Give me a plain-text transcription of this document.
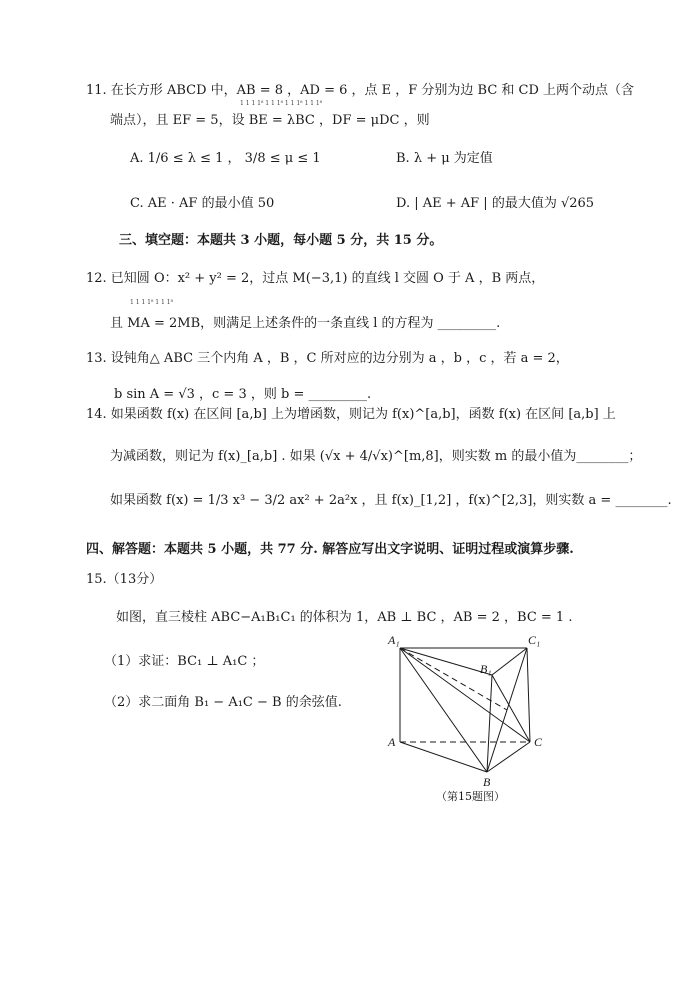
11. 在长方形 ABCD 中，AB = 8 ，AD = 6 ，点 E ，F 分别为边 BC 和 CD 上两个动点（含
1 1 1 1⁸ 1 1 1⁸ 1 1 1⁸ 1 1 1⁸
端点），且 EF = 5，设 BE = λBC ，DF = μDC ，则
A. 1/6 ≤ λ ≤ 1 ， 3/8 ≤ μ ≤ 1	B. λ + μ 为定值
C. AE · AF 的最小值 50	D. | AE + AF | 的最大值为 √265
三、填空题：本题共 3 小题，每小题 5 分，共 15 分。
12. 已知圆 O：x² + y² = 2，过点 M(−3,1) 的直线 l 交圆 O 于 A ，B 两点，
1 1 1 1⁸ 1 1 1⁸
且 MA = 2MB，则满足上述条件的一条直线 l 的方程为 _________.
13. 设钝角△ ABC 三个内角 A ，B ，C 所对应的边分别为 a ，b ，c ，若 a = 2，
b sin A = √3 ，c = 3 ，则 b = _________.
14. 如果函数 f(x) 在区间 [a,b] 上为增函数，则记为 f(x)^[a,b]，函数 f(x) 在区间 [a,b] 上
为减函数，则记为 f(x)_[a,b] . 如果 (√x + 4/√x)^[m,8]，则实数 m 的最小值为________；
如果函数 f(x) = 1/3 x³ − 3/2 ax² + 2a²x ，且 f(x)_[1,2] ，f(x)^[2,3]，则实数 a = ________.
四、解答题：本题共 5 小题，共 77 分. 解答应写出文字说明、证明过程或演算步骤.
15.（13分）
如图，直三棱柱 ABC−A₁B₁C₁ 的体积为 1，AB ⊥ BC ，AB = 2 ，BC = 1 .
（1）求证：BC₁ ⊥ A₁C ；
（2）求二面角 B₁ − A₁C − B 的余弦值.
A₁	C₁
B₁
A	C
B
（第15题图）
